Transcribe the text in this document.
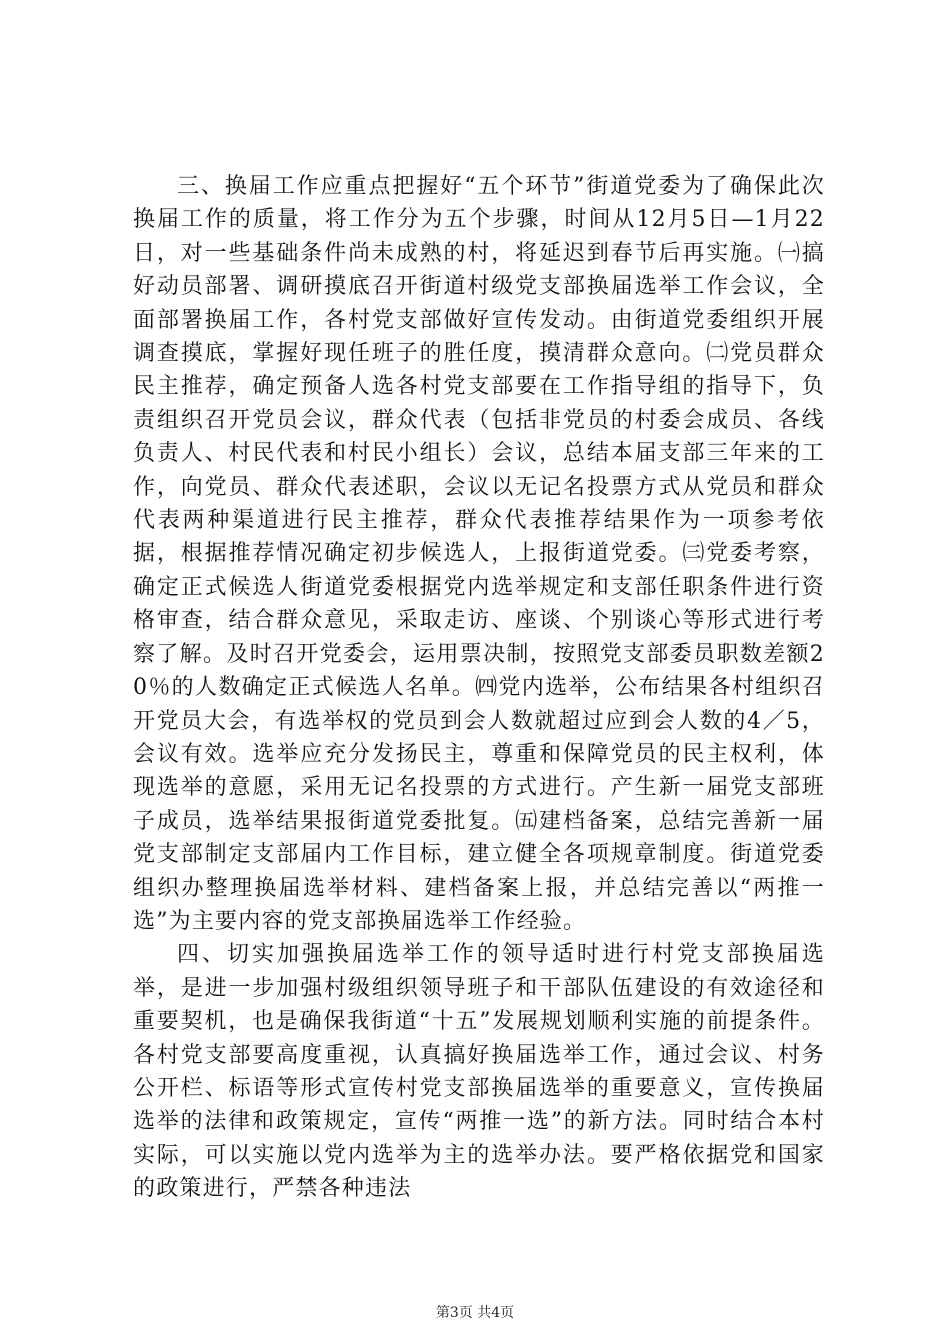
三、换届工作应重点把握好“五个环节”街道党委为了确保此次换届工作的质量，将工作分为五个步骤，时间从12月5日—1月22日，对一些基础条件尚未成熟的村，将延迟到春节后再实施。㈠搞好动员部署、调研摸底召开街道村级党支部换届选举工作会议，全面部署换届工作，各村党支部做好宣传发动。由街道党委组织开展调查摸底，掌握好现任班子的胜任度，摸清群众意向。㈡党员群众民主推荐，确定预备人选各村党支部要在工作指导组的指导下，负责组织召开党员会议，群众代表（包括非党员的村委会成员、各线负责人、村民代表和村民小组长）会议，总结本届支部三年来的工作，向党员、群众代表述职，会议以无记名投票方式从党员和群众代表两种渠道进行民主推荐，群众代表推荐结果作为一项参考依据，根据推荐情况确定初步候选人，上报街道党委。㈢党委考察，确定正式候选人街道党委根据党内选举规定和支部任职条件进行资格审查，结合群众意见，采取走访、座谈、个别谈心等形式进行考察了解。及时召开党委会，运用票决制，按照党支部委员职数差额20％的人数确定正式候选人名单。㈣党内选举，公布结果各村组织召开党员大会，有选举权的党员到会人数就超过应到会人数的4／5，会议有效。选举应充分发扬民主，尊重和保障党员的民主权利，体现选举的意愿，采用无记名投票的方式进行。产生新一届党支部班子成员，选举结果报街道党委批复。㈤建档备案，总结完善新一届党支部制定支部届内工作目标，建立健全各项规章制度。街道党委组织办整理换届选举材料、建档备案上报，并总结完善以“两推一选”为主要内容的党支部换届选举工作经验。

四、切实加强换届选举工作的领导适时进行村党支部换届选举，是进一步加强村级组织领导班子和干部队伍建设的有效途径和重要契机，也是确保我街道“十五”发展规划顺利实施的前提条件。各村党支部要高度重视，认真搞好换届选举工作，通过会议、村务公开栏、标语等形式宣传村党支部换届选举的重要意义，宣传换届选举的法律和政策规定，宣传“两推一选”的新方法。同时结合本村实际，可以实施以党内选举为主的选举办法。要严格依据党和国家的政策进行，严禁各种违法

第3页 共4页
